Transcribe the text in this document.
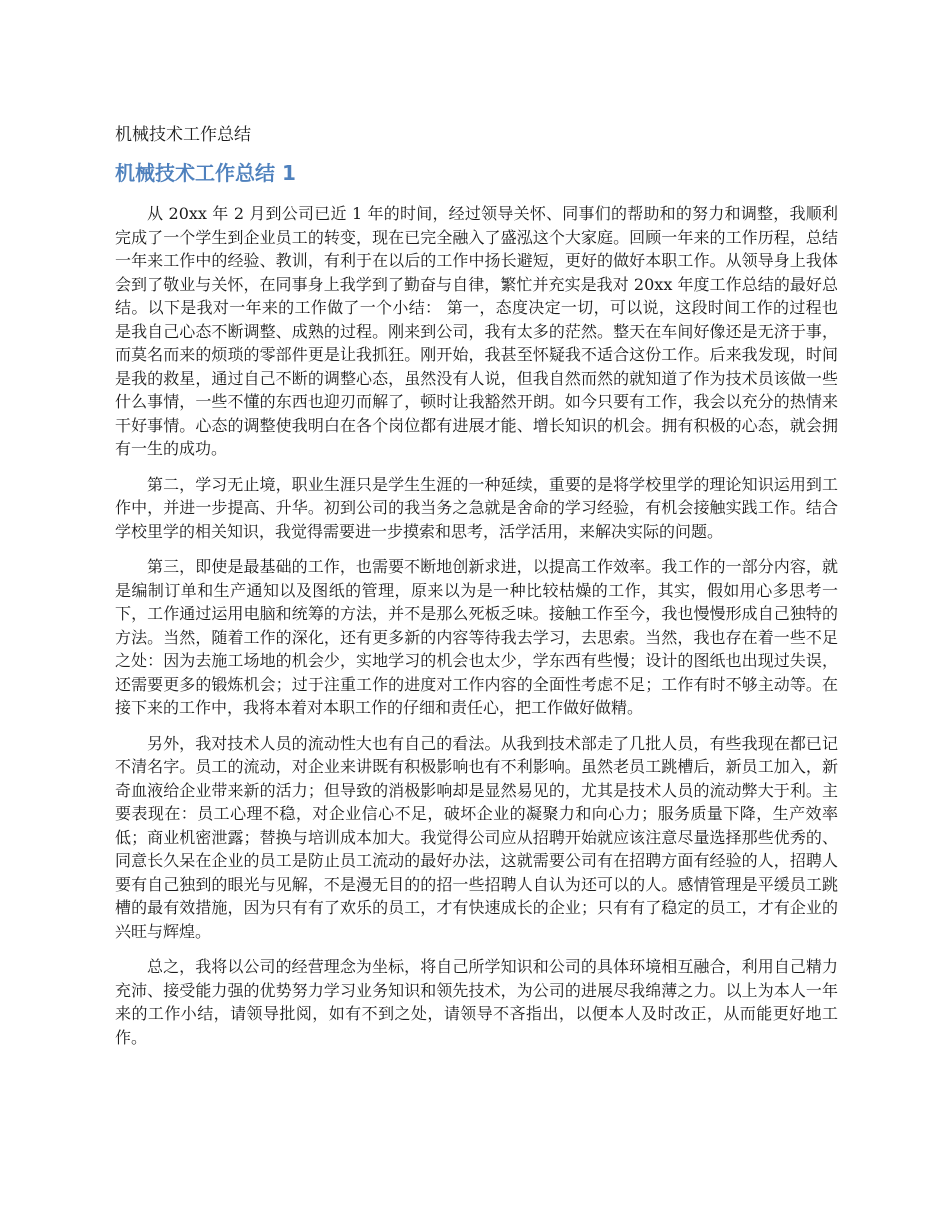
机械技术工作总结
机械技术工作总结 1

从 20xx 年 2 月到公司已近 1 年的时间，经过领导关怀、同事们的帮助和的努力和调整，我顺利完成了一个学生到企业员工的转变，现在已完全融入了盛泓这个大家庭。回顾一年来的工作历程，总结一年来工作中的经验、教训，有利于在以后的工作中扬长避短，更好的做好本职工作。从领导身上我体会到了敬业与关怀，在同事身上我学到了勤奋与自律，繁忙并充实是我对 20xx 年度工作总结的最好总结。以下是我对一年来的工作做了一个小结： 第一，态度决定一切，可以说，这段时间工作的过程也是我自己心态不断调整、成熟的过程。刚来到公司，我有太多的茫然。整天在车间好像还是无济于事，而莫名而来的烦琐的零部件更是让我抓狂。刚开始，我甚至怀疑我不适合这份工作。后来我发现，时间是我的救星，通过自己不断的调整心态，虽然没有人说，但我自然而然的就知道了作为技术员该做一些什么事情，一些不懂的东西也迎刃而解了，顿时让我豁然开朗。如今只要有工作，我会以充分的热情来干好事情。心态的调整使我明白在各个岗位都有进展才能、增长知识的机会。拥有积极的心态，就会拥有一生的成功。

第二，学习无止境，职业生涯只是学生生涯的一种延续，重要的是将学校里学的理论知识运用到工作中，并进一步提高、升华。初到公司的我当务之急就是舍命的学习经验，有机会接触实践工作。结合学校里学的相关知识，我觉得需要进一步摸索和思考，活学活用，来解决实际的问题。

第三，即使是最基础的工作，也需要不断地创新求进，以提高工作效率。我工作的一部分内容，就是编制订单和生产通知以及图纸的管理，原来以为是一种比较枯燥的工作，其实，假如用心多思考一下，工作通过运用电脑和统筹的方法，并不是那么死板乏味。接触工作至今，我也慢慢形成自己独特的方法。当然，随着工作的深化，还有更多新的内容等待我去学习，去思索。当然，我也存在着一些不足之处：因为去施工场地的机会少，实地学习的机会也太少，学东西有些慢；设计的图纸也出现过失误，还需要更多的锻炼机会；过于注重工作的进度对工作内容的全面性考虑不足；工作有时不够主动等。在接下来的工作中，我将本着对本职工作的仔细和责任心，把工作做好做精。

另外，我对技术人员的流动性大也有自己的看法。从我到技术部走了几批人员，有些我现在都已记不清名字。员工的流动，对企业来讲既有积极影响也有不利影响。虽然老员工跳槽后，新员工加入，新奇血液给企业带来新的活力；但导致的消极影响却是显然易见的，尤其是技术人员的流动弊大于利。主要表现在：员工心理不稳，对企业信心不足，破坏企业的凝聚力和向心力；服务质量下降，生产效率低；商业机密泄露；替换与培训成本加大。我觉得公司应从招聘开始就应该注意尽量选择那些优秀的、同意长久呆在企业的员工是防止员工流动的最好办法，这就需要公司有在招聘方面有经验的人，招聘人要有自己独到的眼光与见解，不是漫无目的的招一些招聘人自认为还可以的人。感情管理是平缓员工跳槽的最有效措施，因为只有有了欢乐的员工，才有快速成长的企业；只有有了稳定的员工，才有企业的兴旺与辉煌。

总之，我将以公司的经营理念为坐标，将自己所学知识和公司的具体环境相互融合，利用自己精力充沛、接受能力强的优势努力学习业务知识和领先技术，为公司的进展尽我绵薄之力。以上为本人一年来的工作小结，请领导批阅，如有不到之处，请领导不吝指出，以便本人及时改正，从而能更好地工作。
